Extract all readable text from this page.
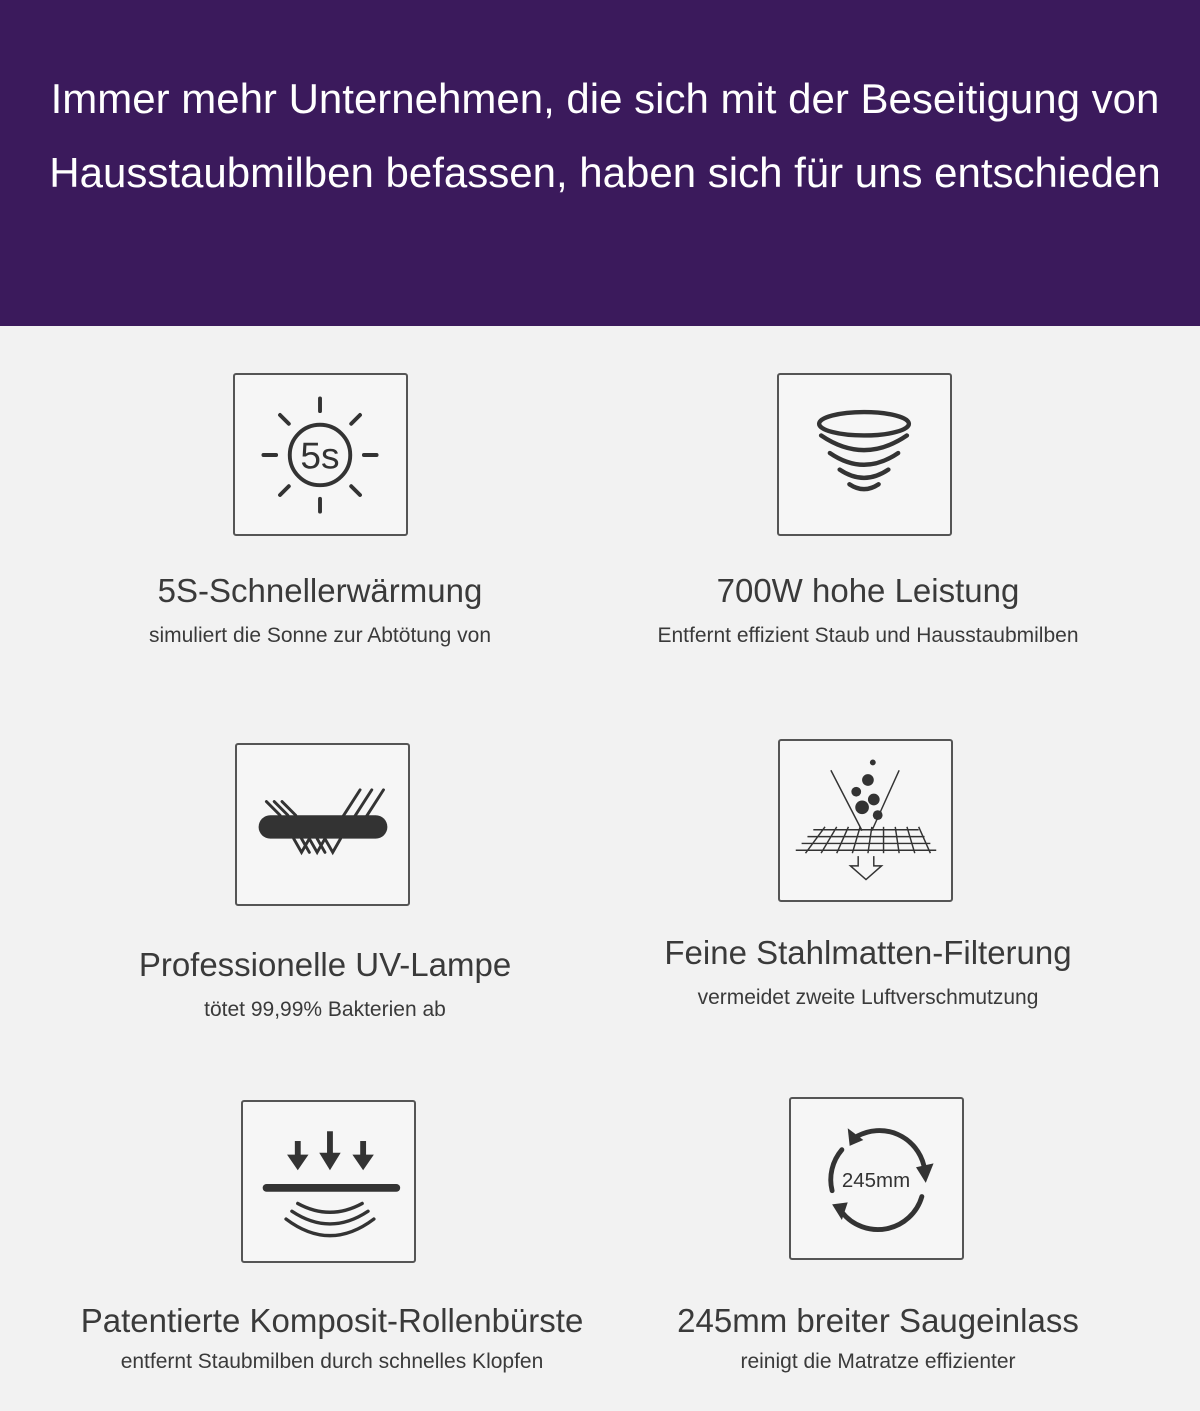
Immer mehr Unternehmen, die sich mit der Beseitigung von Hausstaubmilben befassen, haben sich für uns entschieden
5s
5S-Schnellerwärmung
simuliert die Sonne zur Abtötung von
700W hohe Leistung
Entfernt effizient Staub und Hausstaubmilben
Professionelle UV-Lampe
tötet 99,99% Bakterien ab
Feine Stahlmatten-Filterung
vermeidet zweite Luftverschmutzung
Patentierte Komposit-Rollenbürste
entfernt Staubmilben durch schnelles Klopfen
245mm
245mm breiter Saugeinlass
reinigt die Matratze effizienter
